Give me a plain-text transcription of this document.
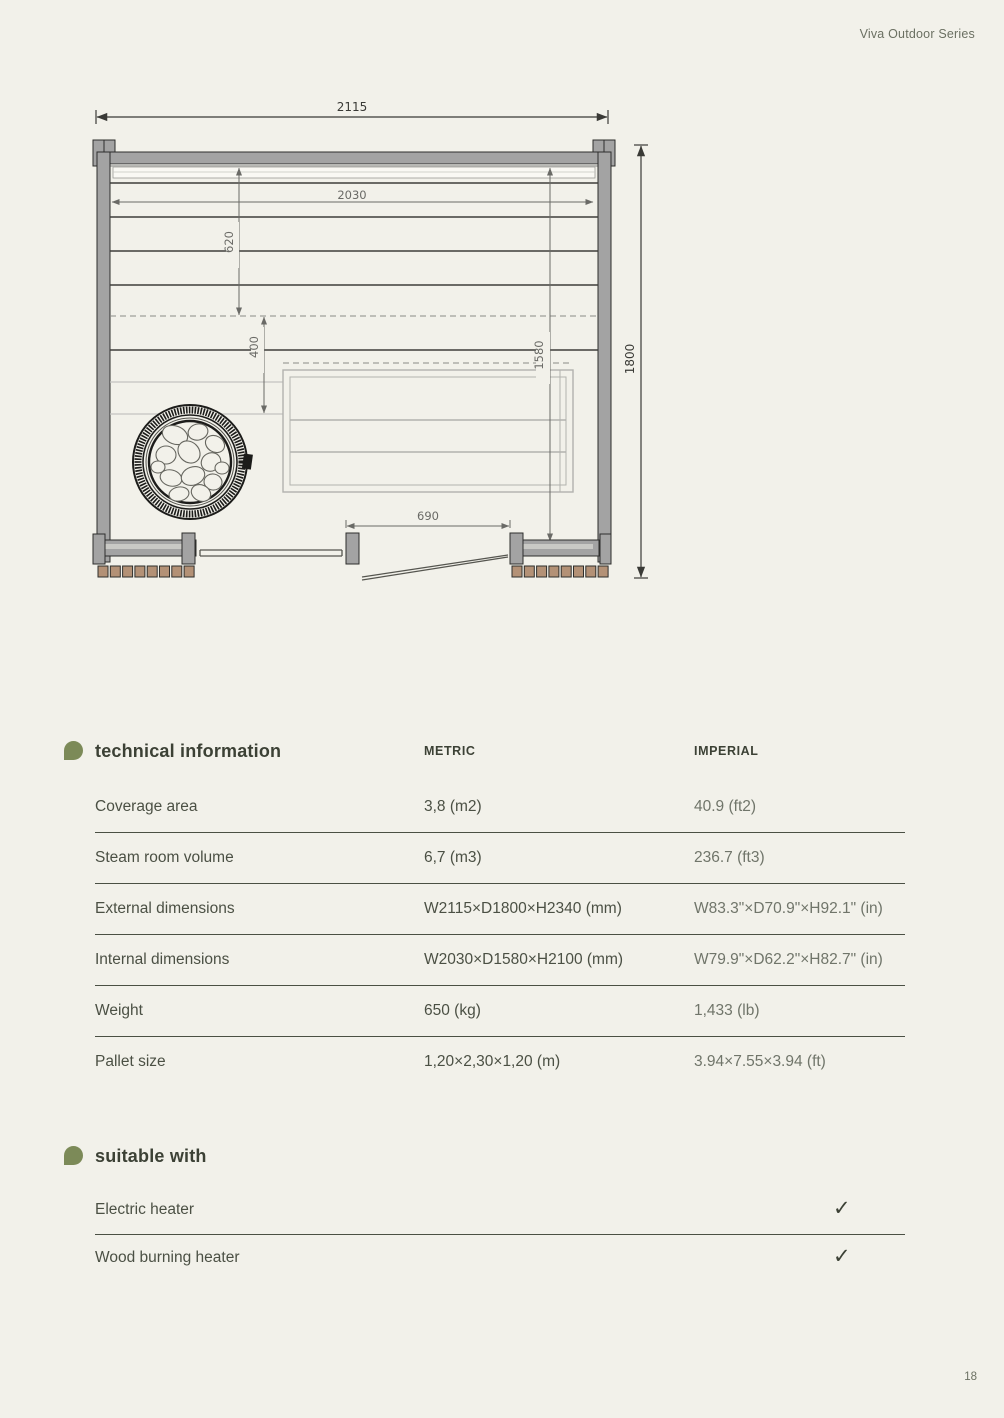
Viva Outdoor Series
2115
2030
620
400	1580
690
1800
technical information	METRIC	IMPERIAL
Coverage area	3,8 (m2)	40.9 (ft2)
Steam room volume	6,7 (m3)	236.7 (ft3)
External dimensions	W2115×D1800×H2340 (mm)	W83.3"×D70.9"×H92.1" (in)
Internal dimensions	W2030×D1580×H2100 (mm)	W79.9"×D62.2"×H82.7" (in)
Weight	650 (kg)	1,433 (lb)
Pallet size	1,20×2,30×1,20 (m)	3.94×7.55×3.94 (ft)
suitable with
Electric heater	✓
Wood burning heater	✓
18
